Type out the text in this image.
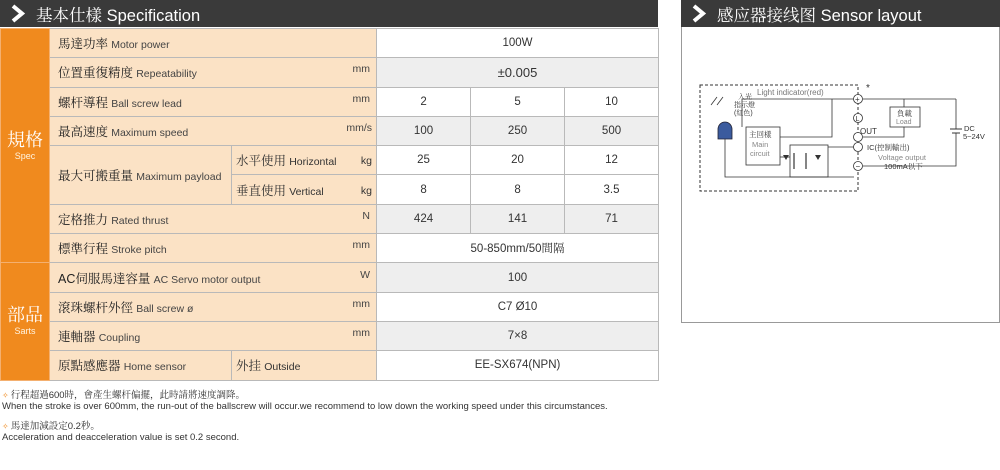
基本仕樣 Specification	感应器接线图 Sensor layout
規格
Spec	馬達功率 Motor power		100W		
	位置重復精度 Repeatability mm		±0.005		
	螺杆導程 Ball screw lead mm		2	5	10
	最高速度 Maximum speed mm/s		100	250	500
	最大可搬重量 Maximum payload	水平使用 Horizontal kg	25	20	12
		垂直使用 Vertical kg	8	8	3.5
	定格推力 Rated thrust N		424	141	71
	標準行程 Stroke pitch mm		50-850mm/50間隔		

部品
Sarts	AC伺服馬達容量 AC Servo motor output W		100		
	滾珠螺杆外徑 Ball screw ø mm		C7 Ø10		
	連軸器 Coupling mm		7×8		
	原點感應器 Home sensor	外挂 Outside	EE-SX674(NPN)		
Light indicator(red)
入光
指示燈
(紅色)
主回樣
Main
circuit
+
*
L
−
OUT
IC(控制輸出)
Voltage output
100mA以下
負載
Load
DC
5~24V

✧ 行程超過600時，會產生螺杆偏擺，此時請將速度調降。

When the stroke is over 600mm, the run-out of the ballscrew will occur.we recommend to low down the working speed under this circumstances.

✧ 馬達加減設定0.2秒。

Acceleration and deacceleration value is set 0.2 second.
